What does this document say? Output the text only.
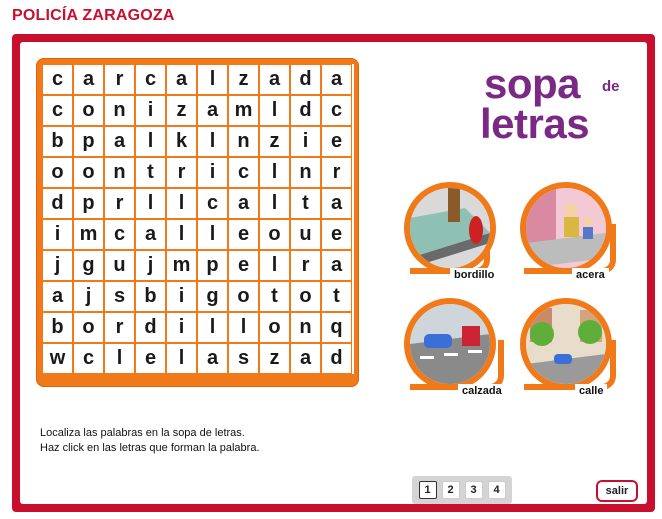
POLICÍA ZARAGOZA
c a	r	c a	l	z	a d a
c o n	i	z	a m l	d c
b p a	l	k	l	n z	i	e
o o n	t	r	i	c	l	n	r
d p	r	l	l	c a	l	t	a
i m c a	l	l	e o u e
j	g u	j m p e	l	r	a
a	j	s b	i	g o	t	o	t
b o	r	d	i	l	l	o n q
w c	l	e	l	a s	z	a d
sopa de
letras
bordillo	acera
calzada	calle
Localiza las palabras en la sopa de letras.
Haz click en las letras que forman la palabra.
1	2	3	4	salir
